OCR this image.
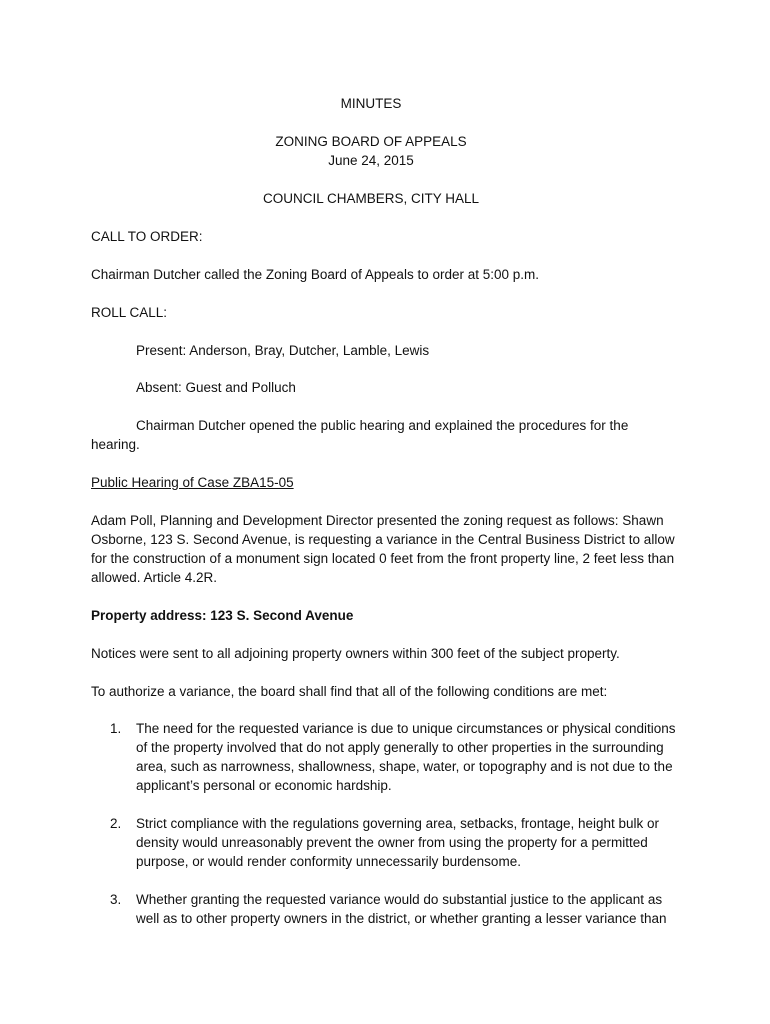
MINUTES

ZONING BOARD OF APPEALS

June 24, 2015

COUNCIL CHAMBERS, CITY HALL

CALL TO ORDER:

Chairman Dutcher called the Zoning Board of Appeals to order at 5:00 p.m.

ROLL CALL:

Present: Anderson, Bray, Dutcher, Lamble, Lewis

Absent: Guest and Polluch

Chairman Dutcher opened the public hearing and explained the procedures for the

hearing.

Public Hearing of Case ZBA15-05

Adam Poll, Planning and Development Director presented the zoning request as follows: Shawn Osborne, 123 S. Second Avenue, is requesting a variance in the Central Business District to allow for the construction of a monument sign located 0 feet from the front property line, 2 feet less than allowed. Article 4.2R.

Property address: 123 S. Second Avenue

Notices were sent to all adjoining property owners within 300 feet of the subject property.

To authorize a variance, the board shall find that all of the following conditions are met:

1.	The need for the requested variance is due to unique circumstances or physical conditions of the property involved that do not apply generally to other properties in the surrounding area, such as narrowness, shallowness, shape, water, or topography and is not due to the applicant’s personal or economic hardship.
2.	Strict compliance with the regulations governing area, setbacks, frontage, height bulk or density would unreasonably prevent the owner from using the property for a permitted purpose, or would render conformity unnecessarily burdensome.
3.	Whether granting the requested variance would do substantial justice to the applicant as well as to other property owners in the district, or whether granting a lesser variance than
